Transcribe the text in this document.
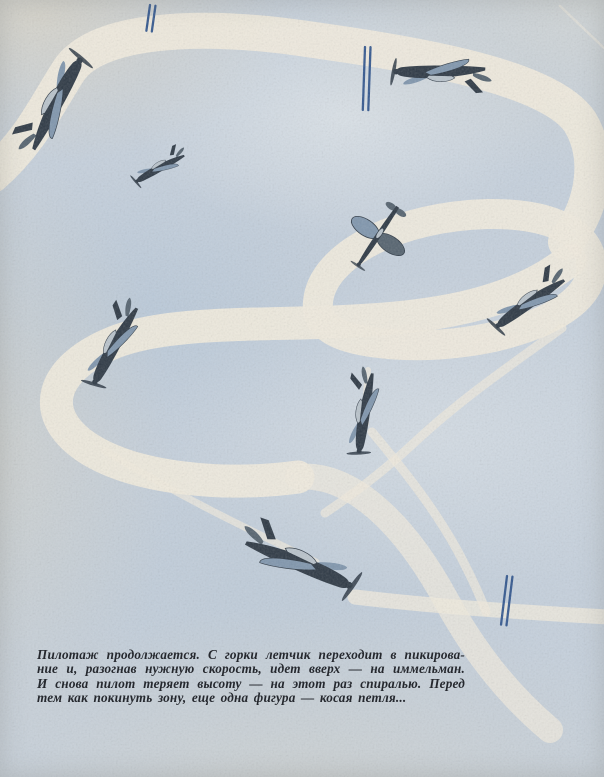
Пилотаж продолжается. С горки летчик переходит в пикирова-
ние и, разогнав нужную скорость, идет вверх — на иммельман.
И снова пилот теряет высоту — на этот раз спиралью. Перед
тем как покинуть зону, еще одна фигура — косая петля...
